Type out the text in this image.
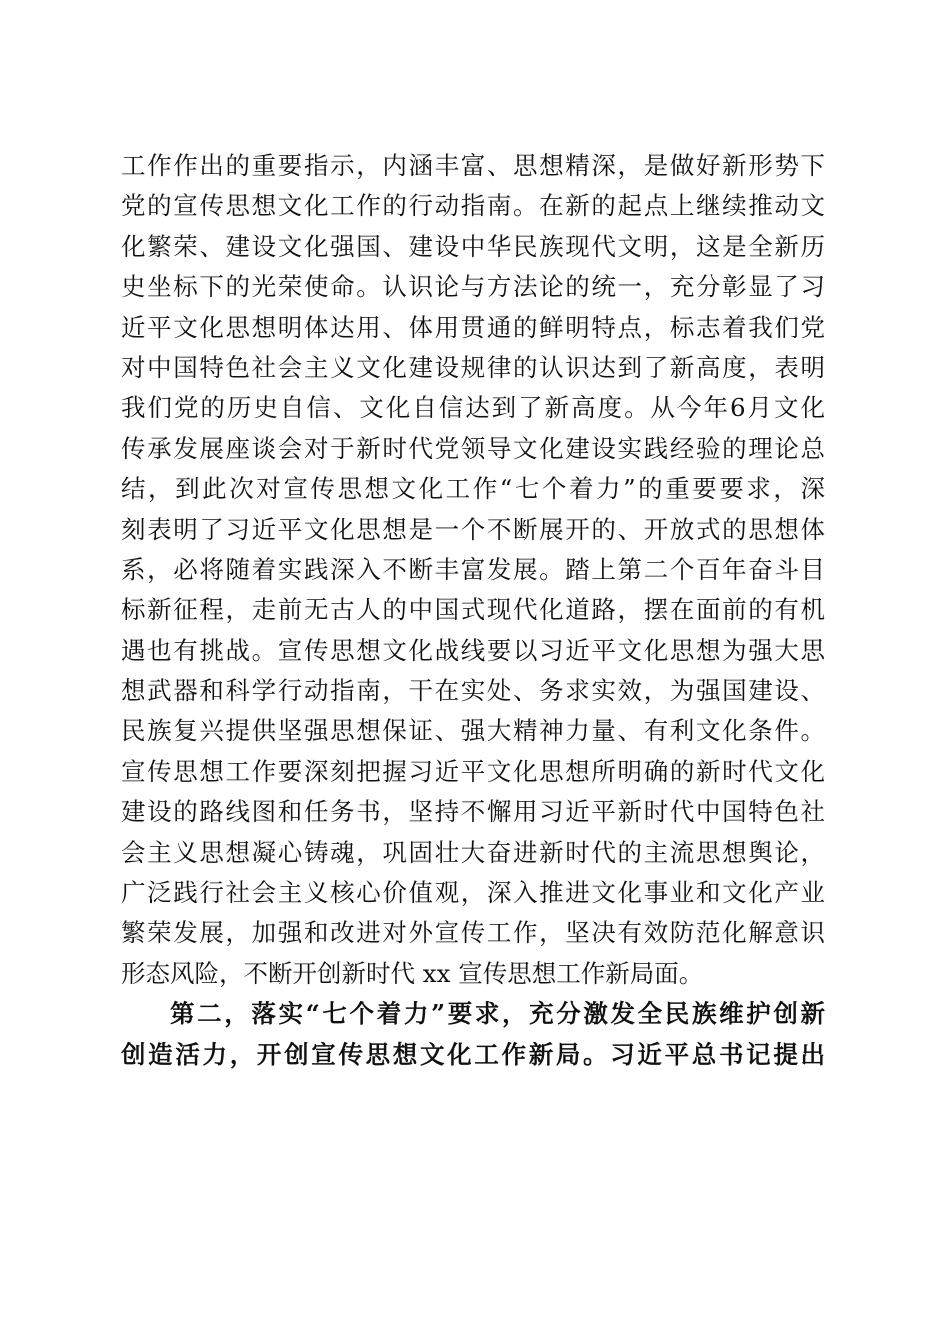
工作作出的重要指示，内涵丰富、思想精深，是做好新形势下
党的宣传思想文化工作的行动指南。在新的起点上继续推动文
化繁荣、建设文化强国、建设中华民族现代文明，这是全新历
史坐标下的光荣使命。认识论与方法论的统一，充分彰显了习
近平文化思想明体达用、体用贯通的鲜明特点，标志着我们党
对中国特色社会主义文化建设规律的认识达到了新高度，表明
我们党的历史自信、文化自信达到了新高度。从今年6月文化
传承发展座谈会对于新时代党领导文化建设实践经验的理论总
结，到此次对宣传思想文化工作“七个着力”的重要要求，深
刻表明了习近平文化思想是一个不断展开的、开放式的思想体
系，必将随着实践深入不断丰富发展。踏上第二个百年奋斗目
标新征程，走前无古人的中国式现代化道路，摆在面前的有机
遇也有挑战。宣传思想文化战线要以习近平文化思想为强大思
想武器和科学行动指南，干在实处、务求实效，为强国建设、
民族复兴提供坚强思想保证、强大精神力量、有利文化条件。
宣传思想工作要深刻把握习近平文化思想所明确的新时代文化
建设的路线图和任务书，坚持不懈用习近平新时代中国特色社
会主义思想凝心铸魂，巩固壮大奋进新时代的主流思想舆论，
广泛践行社会主义核心价值观，深入推进文化事业和文化产业
繁荣发展，加强和改进对外宣传工作，坚决有效防范化解意识
形态风险，不断开创新时代 xx 宣传思想工作新局面。
第二，落实“七个着力”要求，充分激发全民族维护创新
创造活力，开创宣传思想文化工作新局。习近平总书记提出
